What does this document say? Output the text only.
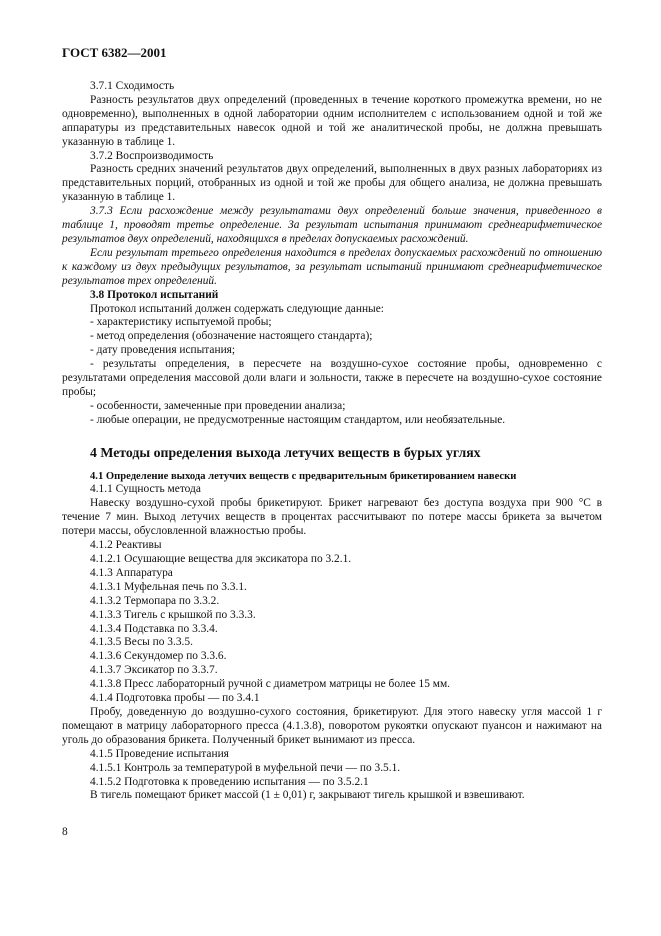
ГОСТ 6382—2001

3.7.1 Сходимость

Разность результатов двух определений (проведенных в течение короткого промежутка времени, но не одновременно), выполненных в одной лаборатории одним исполнителем с использованием одной и той же аппаратуры из представительных навесок одной и той же аналитической пробы, не должна превышать указанную в таблице 1.

3.7.2 Воспроизводимость

Разность средних значений результатов двух определений, выполненных в двух разных лабораториях из представительных порций, отобранных из одной и той же пробы для общего анализа, не должна превышать указанную в таблице 1.

3.7.3 Если расхождение между результатами двух определений больше значения, приведенного в таблице 1, проводят третье определение. За результат испытания принимают среднеарифметическое результатов двух определений, находящихся в пределах допускаемых расхождений.

Если результат третьего определения находится в пределах допускаемых расхождений по отношению к каждому из двух предыдущих результатов, за результат испытаний принимают среднеарифметическое результатов трех определений.

3.8 Протокол испытаний

Протокол испытаний должен содержать следующие данные:

- характеристику испытуемой пробы;

- метод определения (обозначение настоящего стандарта);

- дату проведения испытания;

- результаты определения, в пересчете на воздушно-сухое состояние пробы, одновременно с результатами определения массовой доли влаги и зольности, также в пересчете на воздушно-сухое состояние пробы;

- особенности, замеченные при проведении анализа;

- любые операции, не предусмотренные настоящим стандартом, или необязательные.

4 Методы определения выхода летучих веществ в бурых углях

4.1 Определение выхода летучих веществ с предварительным брикетированием навески

4.1.1 Сущность метода

Навеску воздушно-сухой пробы брикетируют. Брикет нагревают без доступа воздуха при 900 °С в течение 7 мин. Выход летучих веществ в процентах рассчитывают по потере массы брикета за вычетом потери массы, обусловленной влажностью пробы.

4.1.2 Реактивы

4.1.2.1 Осушающие вещества для эксикатора по 3.2.1.

4.1.3 Аппаратура

4.1.3.1 Муфельная печь по 3.3.1.

4.1.3.2 Термопара по 3.3.2.

4.1.3.3 Тигель с крышкой по 3.3.3.

4.1.3.4 Подставка по 3.3.4.

4.1.3.5 Весы по 3.3.5.

4.1.3.6 Секундомер по 3.3.6.

4.1.3.7 Эксикатор по 3.3.7.

4.1.3.8 Пресс лабораторный ручной с диаметром матрицы не более 15 мм.

4.1.4 Подготовка пробы — по 3.4.1

Пробу, доведенную до воздушно-сухого состояния, брикетируют. Для этого навеску угля массой 1 г помещают в матрицу лабораторного пресса (4.1.3.8), поворотом рукоятки опускают пуансон и нажимают на уголь до образования брикета. Полученный брикет вынимают из пресса.

4.1.5 Проведение испытания

4.1.5.1 Контроль за температурой в муфельной печи — по 3.5.1.

4.1.5.2 Подготовка к проведению испытания — по 3.5.2.1

В тигель помещают брикет массой (1 ± 0,01) г, закрывают тигель крышкой и взвешивают.

8
